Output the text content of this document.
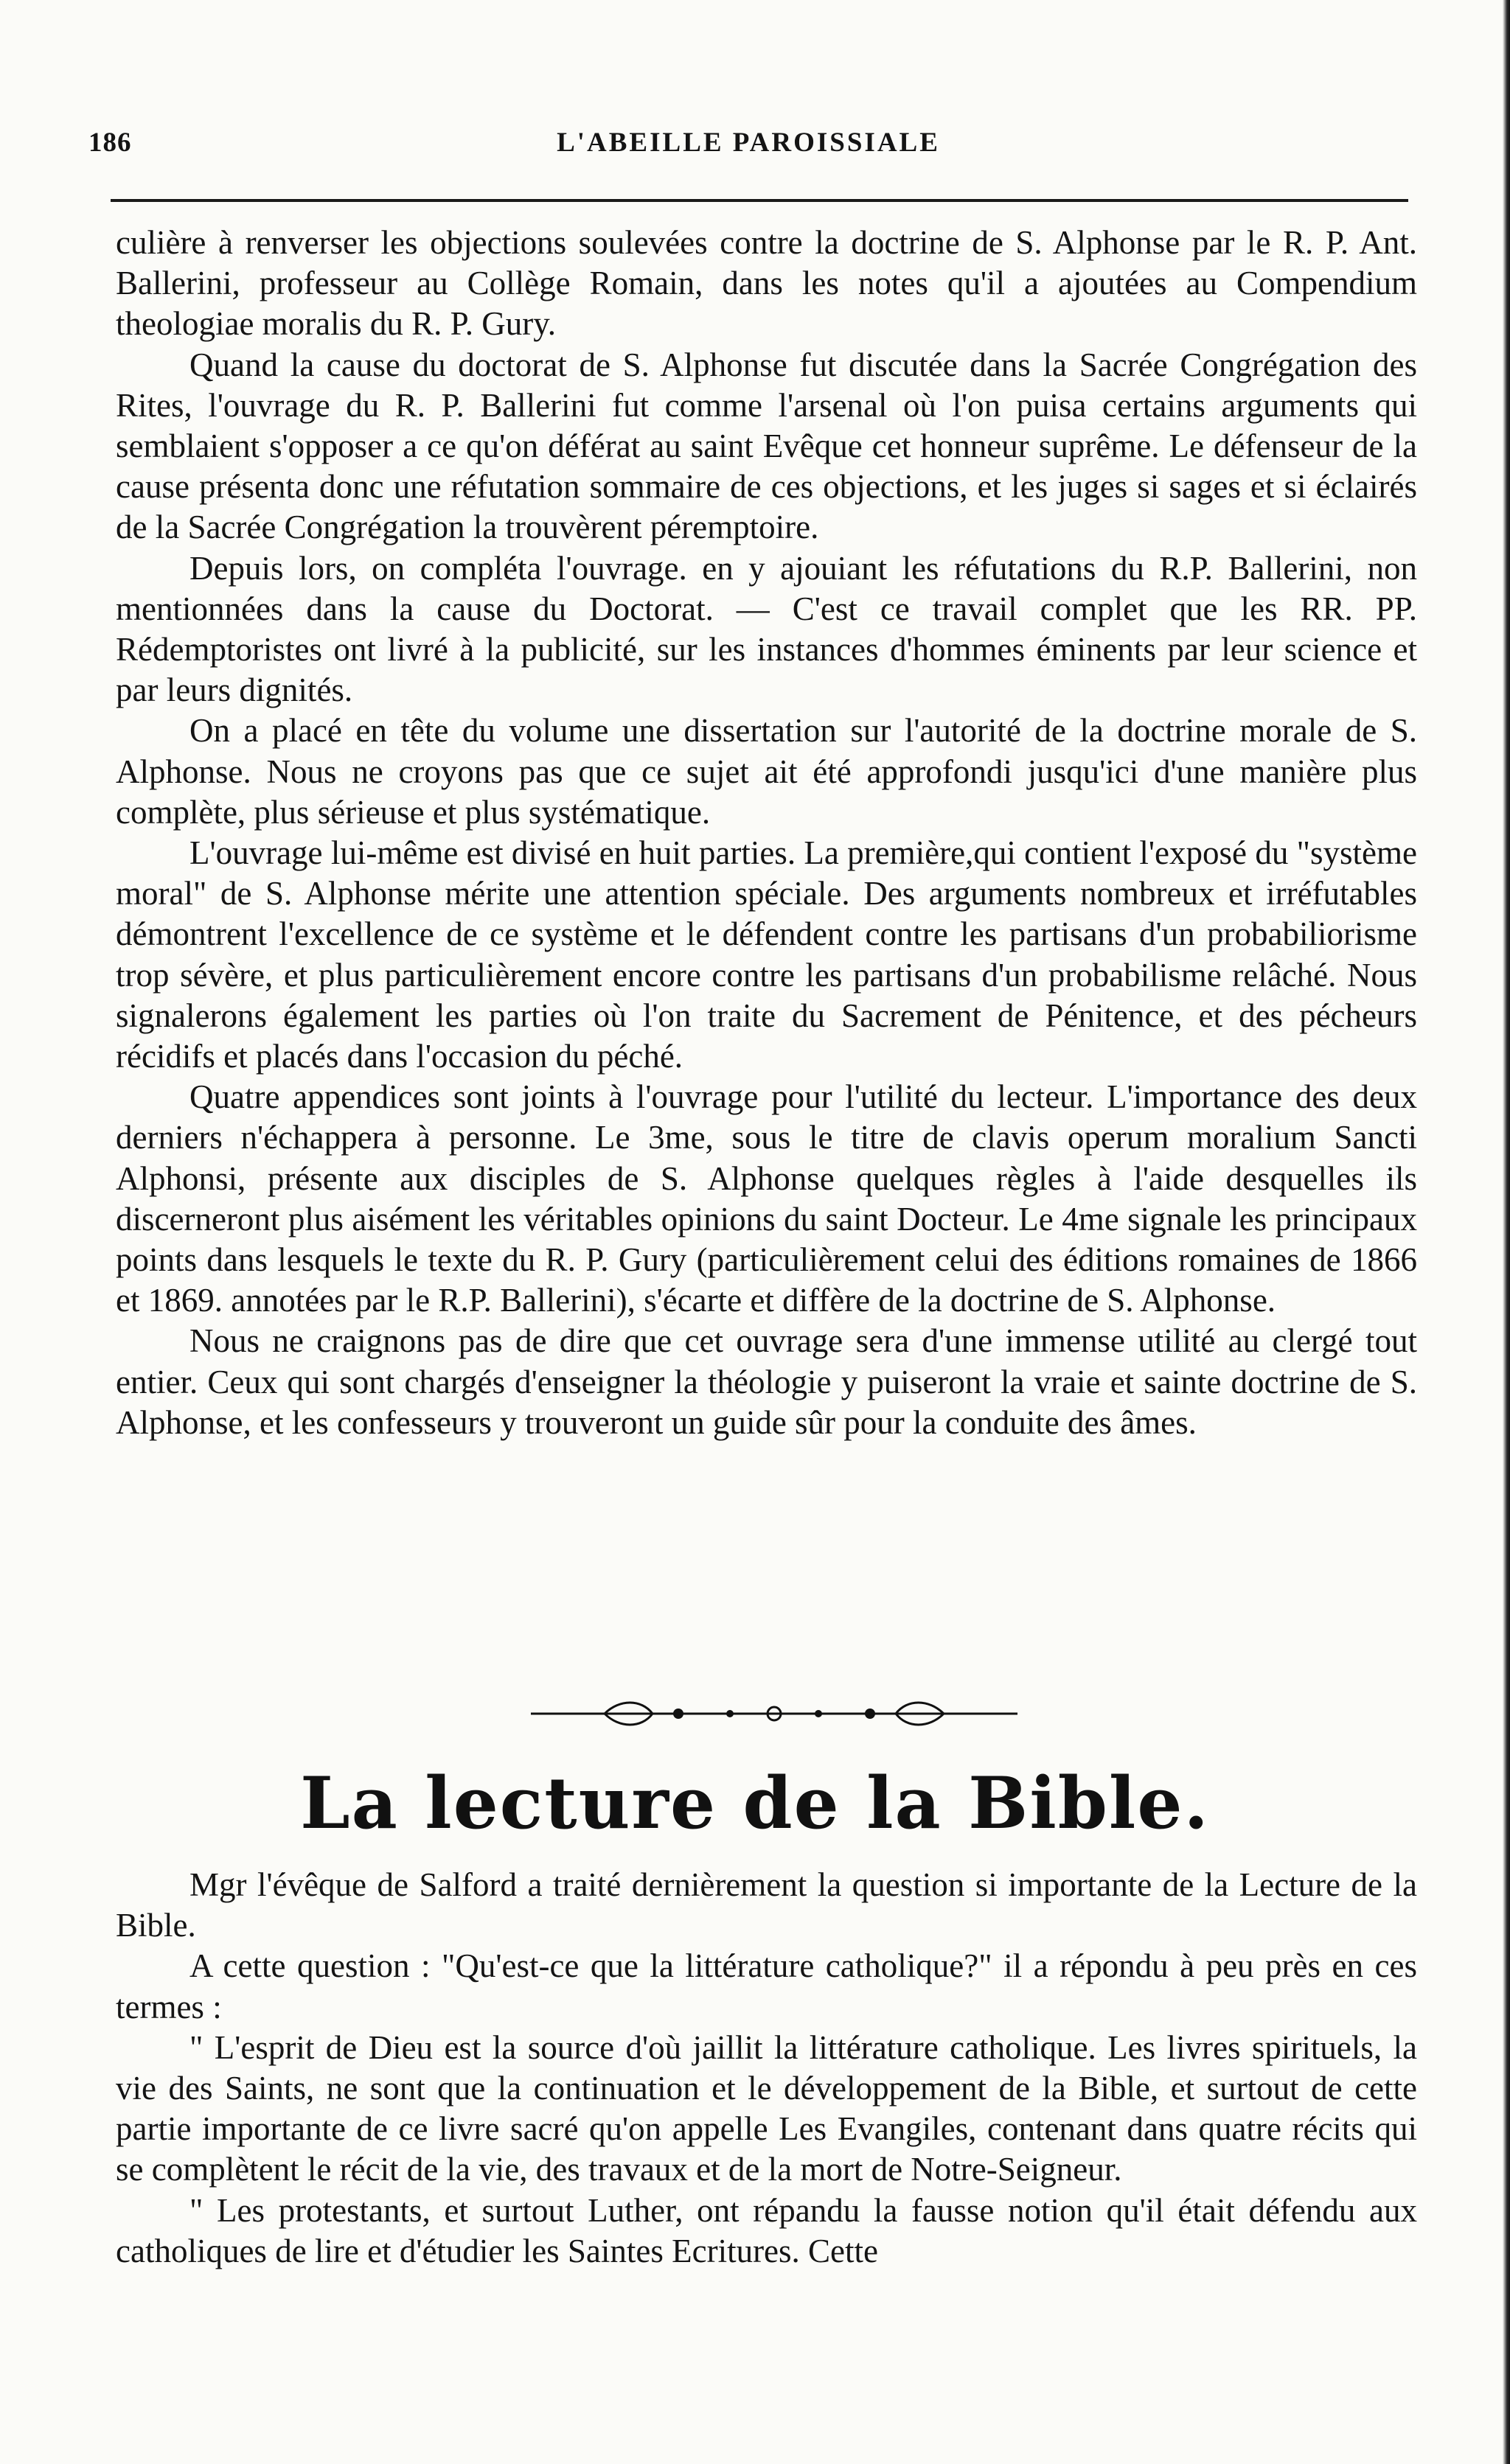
186	L'ABEILLE PAROISSIALE

culière à renverser les objections soulevées contre la doctrine de S. Alphonse par le R. P. Ant. Ballerini, professeur au Collège Romain, dans les notes qu'il a ajoutées au Compendium theologiae moralis du R. P. Gury.

Quand la cause du doctorat de S. Alphonse fut discutée dans la Sacrée Congrégation des Rites, l'ouvrage du R. P. Ballerini fut comme l'arsenal où l'on puisa certains arguments qui semblaient s'opposer a ce qu'on déférat au saint Evêque cet honneur suprême. Le défenseur de la cause présenta donc une réfutation sommaire de ces objections, et les juges si sages et si éclairés de la Sacrée Congrégation la trouvèrent péremptoire.

Depuis lors, on compléta l'ouvrage. en y ajouiant les réfutations du R.P. Ballerini, non mentionnées dans la cause du Doctorat. — C'est ce travail complet que les RR. PP. Rédemptoristes ont livré à la publicité, sur les instances d'hommes éminents par leur science et par leurs dignités.

On a placé en tête du volume une dissertation sur l'autorité de la doctrine morale de S. Alphonse. Nous ne croyons pas que ce sujet ait été approfondi jusqu'ici d'une manière plus complète, plus sérieuse et plus systématique.

L'ouvrage lui-même est divisé en huit parties. La première,qui contient l'exposé du "système moral" de S. Alphonse mérite une attention spéciale. Des arguments nombreux et irréfutables démontrent l'excellence de ce système et le défendent contre les partisans d'un probabiliorisme trop sévère, et plus particulièrement encore contre les partisans d'un probabilisme relâché. Nous signalerons également les parties où l'on traite du Sacrement de Pénitence, et des pécheurs récidifs et placés dans l'occasion du péché.

Quatre appendices sont joints à l'ouvrage pour l'utilité du lecteur. L'importance des deux derniers n'échappera à personne. Le 3me, sous le titre de clavis operum moralium Sancti Alphonsi, présente aux disciples de S. Alphonse quelques règles à l'aide desquelles ils discerneront plus aisément les véritables opinions du saint Docteur. Le 4me signale les principaux points dans lesquels le texte du R. P. Gury (particulièrement celui des éditions romaines de 1866 et 1869. annotées par le R.P. Ballerini), s'écarte et diffère de la doctrine de S. Alphonse.

Nous ne craignons pas de dire que cet ouvrage sera d'une immense utilité au clergé tout entier. Ceux qui sont chargés d'enseigner la théologie y puiseront la vraie et sainte doctrine de S. Alphonse, et les confesseurs y trouveront un guide sûr pour la conduite des âmes.

La lecture de la Bible.

Mgr l'évêque de Salford a traité dernièrement la question si importante de la Lecture de la Bible.

A cette question : "Qu'est-ce que la littérature catholique?" il a répondu à peu près en ces termes :

" L'esprit de Dieu est la source d'où jaillit la littérature catholique. Les livres spirituels, la vie des Saints, ne sont que la continuation et le développement de la Bible, et surtout de cette partie importante de ce livre sacré qu'on appelle Les Evangiles, contenant dans quatre récits qui se complètent le récit de la vie, des travaux et de la mort de Notre-Seigneur.

" Les protestants, et surtout Luther, ont répandu la fausse notion qu'il était défendu aux catholiques de lire et d'étudier les Saintes Ecritures. Cette
